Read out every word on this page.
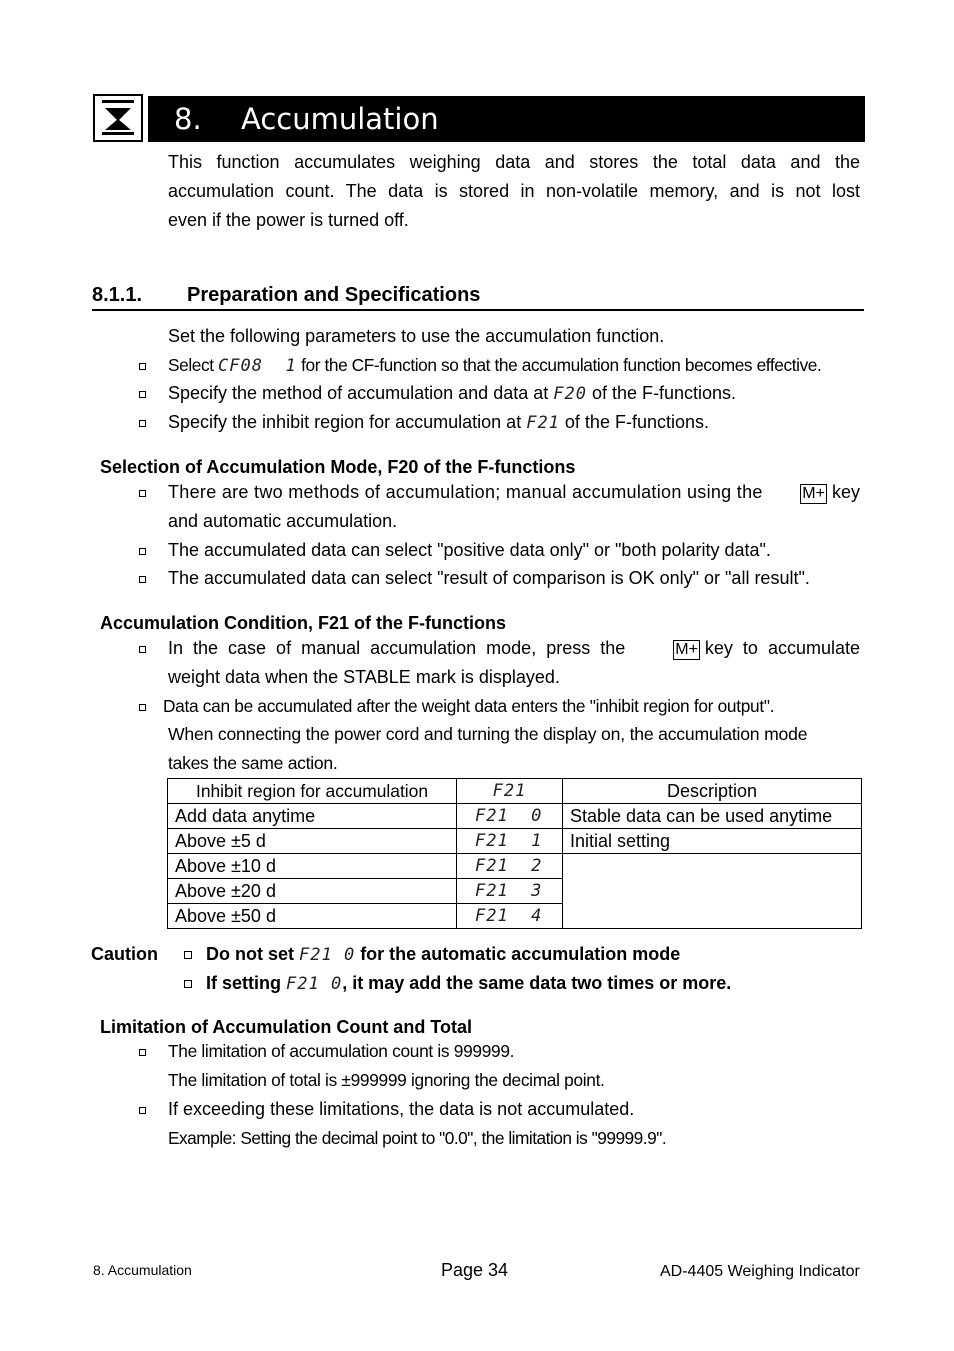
8. Accumulation
This function accumulates weighing data and stores the total data and the
accumulation count. The data is stored in non-volatile memory, and is not lost
even if the power is turned off.
8.1.1. Preparation and Specifications
Set the following parameters to use the accumulation function.
Select CF08  1 for the CF-function so that the accumulation function becomes effective.
Specify the method of accumulation and data at F20 of the F-functions.
Specify the inhibit region for accumulation at F21 of the F-functions.
Selection of Accumulation Mode, F20 of the F-functions
There are two methods of accumulation; manual accumulation using the M+ key
and automatic accumulation.
The accumulated data can select "positive data only" or "both polarity data".
The accumulated data can select "result of comparison is OK only" or "all result".
Accumulation Condition, F21 of the F-functions
In the case of manual accumulation mode, press the	M+ key to accumulate
weight data when the STABLE mark is displayed.
Data can be accumulated after the weight data enters the "inhibit region for output".
When connecting the power cord and turning the display on, the accumulation mode
takes the same action.
Inhibit region for accumulation	F21	Description
Add data anytime	F21  0	Stable data can be used anytime
Above ±5 d	F21  1	Initial setting
Above ±10 d	F21  2	
Above ±20 d	F21  3	
Above ±50 d	F21  4	
Caution	Do not set F21 0 for the automatic accumulation mode
If setting F21 0, it may add the same data two times or more.
Limitation of Accumulation Count and Total
The limitation of accumulation count is 999999.
The limitation of total is ±999999 ignoring the decimal point.
If exceeding these limitations, the data is not accumulated.
Example: Setting the decimal point to "0.0", the limitation is "99999.9".
8. Accumulation	Page 34	AD-4405 Weighing Indicator
